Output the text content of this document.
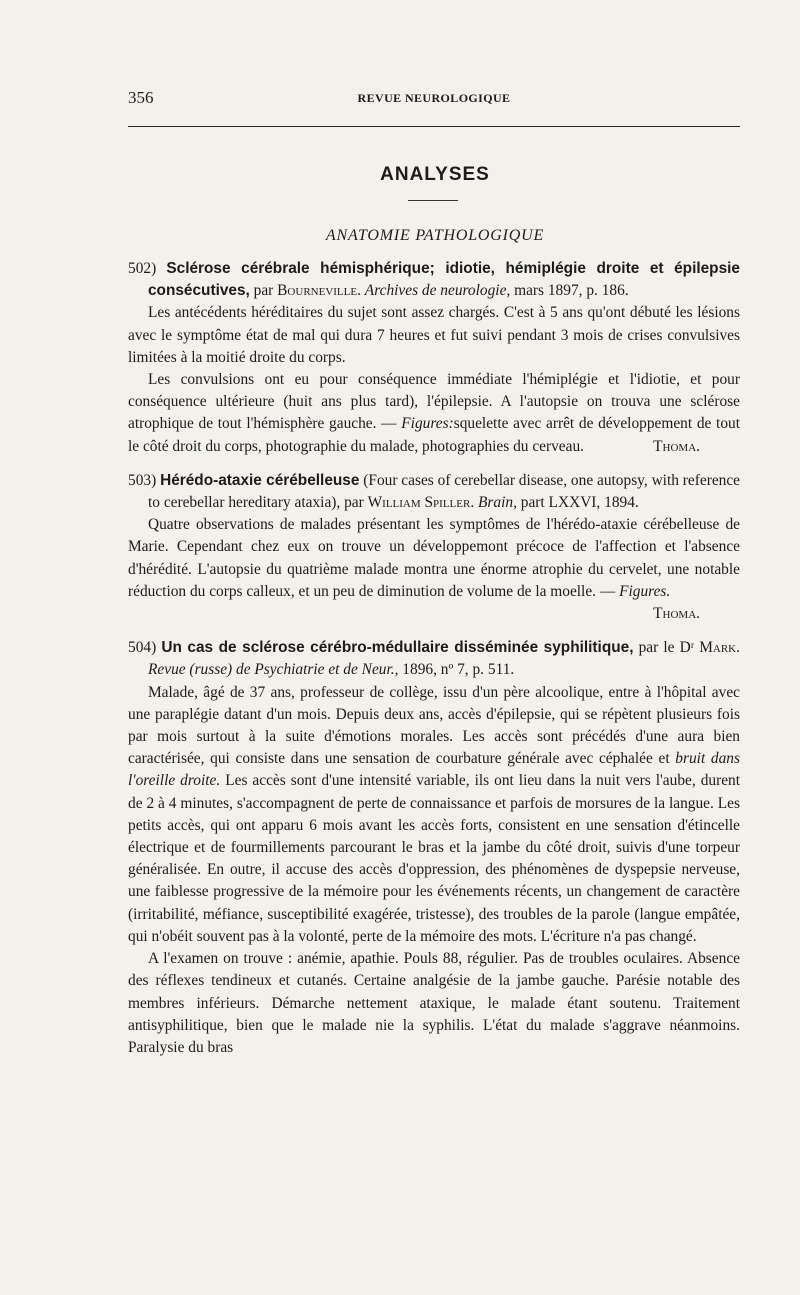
356	REVUE NEUROLOGIQUE
ANALYSES
ANATOMIE PATHOLOGIQUE

502) Sclérose cérébrale hémisphérique; idiotie, hémiplégie droite et épilepsie consécutives, par Bourneville. Archives de neurologie, mars 1897, p. 186.

Les antécédents héréditaires du sujet sont assez chargés. C'est à 5 ans qu'ont débuté les lésions avec le symptôme état de mal qui dura 7 heures et fut suivi pendant 3 mois de crises convulsives limitées à la moitié droite du corps.

Les convulsions ont eu pour conséquence immédiate l'hémiplégie et l'idiotie, et pour conséquence ultérieure (huit ans plus tard), l'épilepsie. A l'autopsie on trouva une sclérose atrophique de tout l'hémisphère gauche. — Figures:squelette avec arrêt de développement de tout le côté droit du corps, photographie du malade, photographies du cerveau.	Thoma.

503) Hérédo-ataxie cérébelleuse (Four cases of cerebellar disease, one autopsy, with reference to cerebellar hereditary ataxia), par William Spiller. Brain, part LXXVI, 1894.

Quatre observations de malades présentant les symptômes de l'hérédo-ataxie cérébelleuse de Marie. Cependant chez eux on trouve un développemont précoce de l'affection et l'absence d'hérédité. L'autopsie du quatrième malade montra une énorme atrophie du cervelet, une notable réduction du corps calleux, et un peu de diminution de volume de la moelle. — Figures.
Thoma.

504) Un cas de sclérose cérébro-médullaire disséminée syphilitique, par le Dʳ Mark. Revue (russe) de Psychiatrie et de Neur., 1896, nº 7, p. 511.

Malade, âgé de 37 ans, professeur de collège, issu d'un père alcoolique, entre à l'hôpital avec une paraplégie datant d'un mois. Depuis deux ans, accès d'épilepsie, qui se répètent plusieurs fois par mois surtout à la suite d'émotions morales. Les accès sont précédés d'une aura bien caractérisée, qui consiste dans une sensation de courbature générale avec céphalée et bruit dans l'oreille droite. Les accès sont d'une intensité variable, ils ont lieu dans la nuit vers l'aube, durent de 2 à 4 minutes, s'accompagnent de perte de connaissance et parfois de morsures de la langue. Les petits accès, qui ont apparu 6 mois avant les accès forts, consistent en une sensation d'étincelle électrique et de fourmillements parcourant le bras et la jambe du côté droit, suivis d'une torpeur généralisée. En outre, il accuse des accès d'oppression, des phénomènes de dyspepsie nerveuse, une faiblesse progressive de la mémoire pour les événements récents, un changement de caractère (irritabilité, méfiance, susceptibilité exagérée, tristesse), des troubles de la parole (langue empâtée, qui n'obéit souvent pas à la volonté, perte de la mémoire des mots. L'écriture n'a pas changé.

A l'examen on trouve : anémie, apathie. Pouls 88, régulier. Pas de troubles oculaires. Absence des réflexes tendineux et cutanés. Certaine analgésie de la jambe gauche. Parésie notable des membres inférieurs. Démarche nettement ataxique, le malade étant soutenu. Traitement antisyphilitique, bien que le malade nie la syphilis. L'état du malade s'aggrave néanmoins. Paralysie du bras
